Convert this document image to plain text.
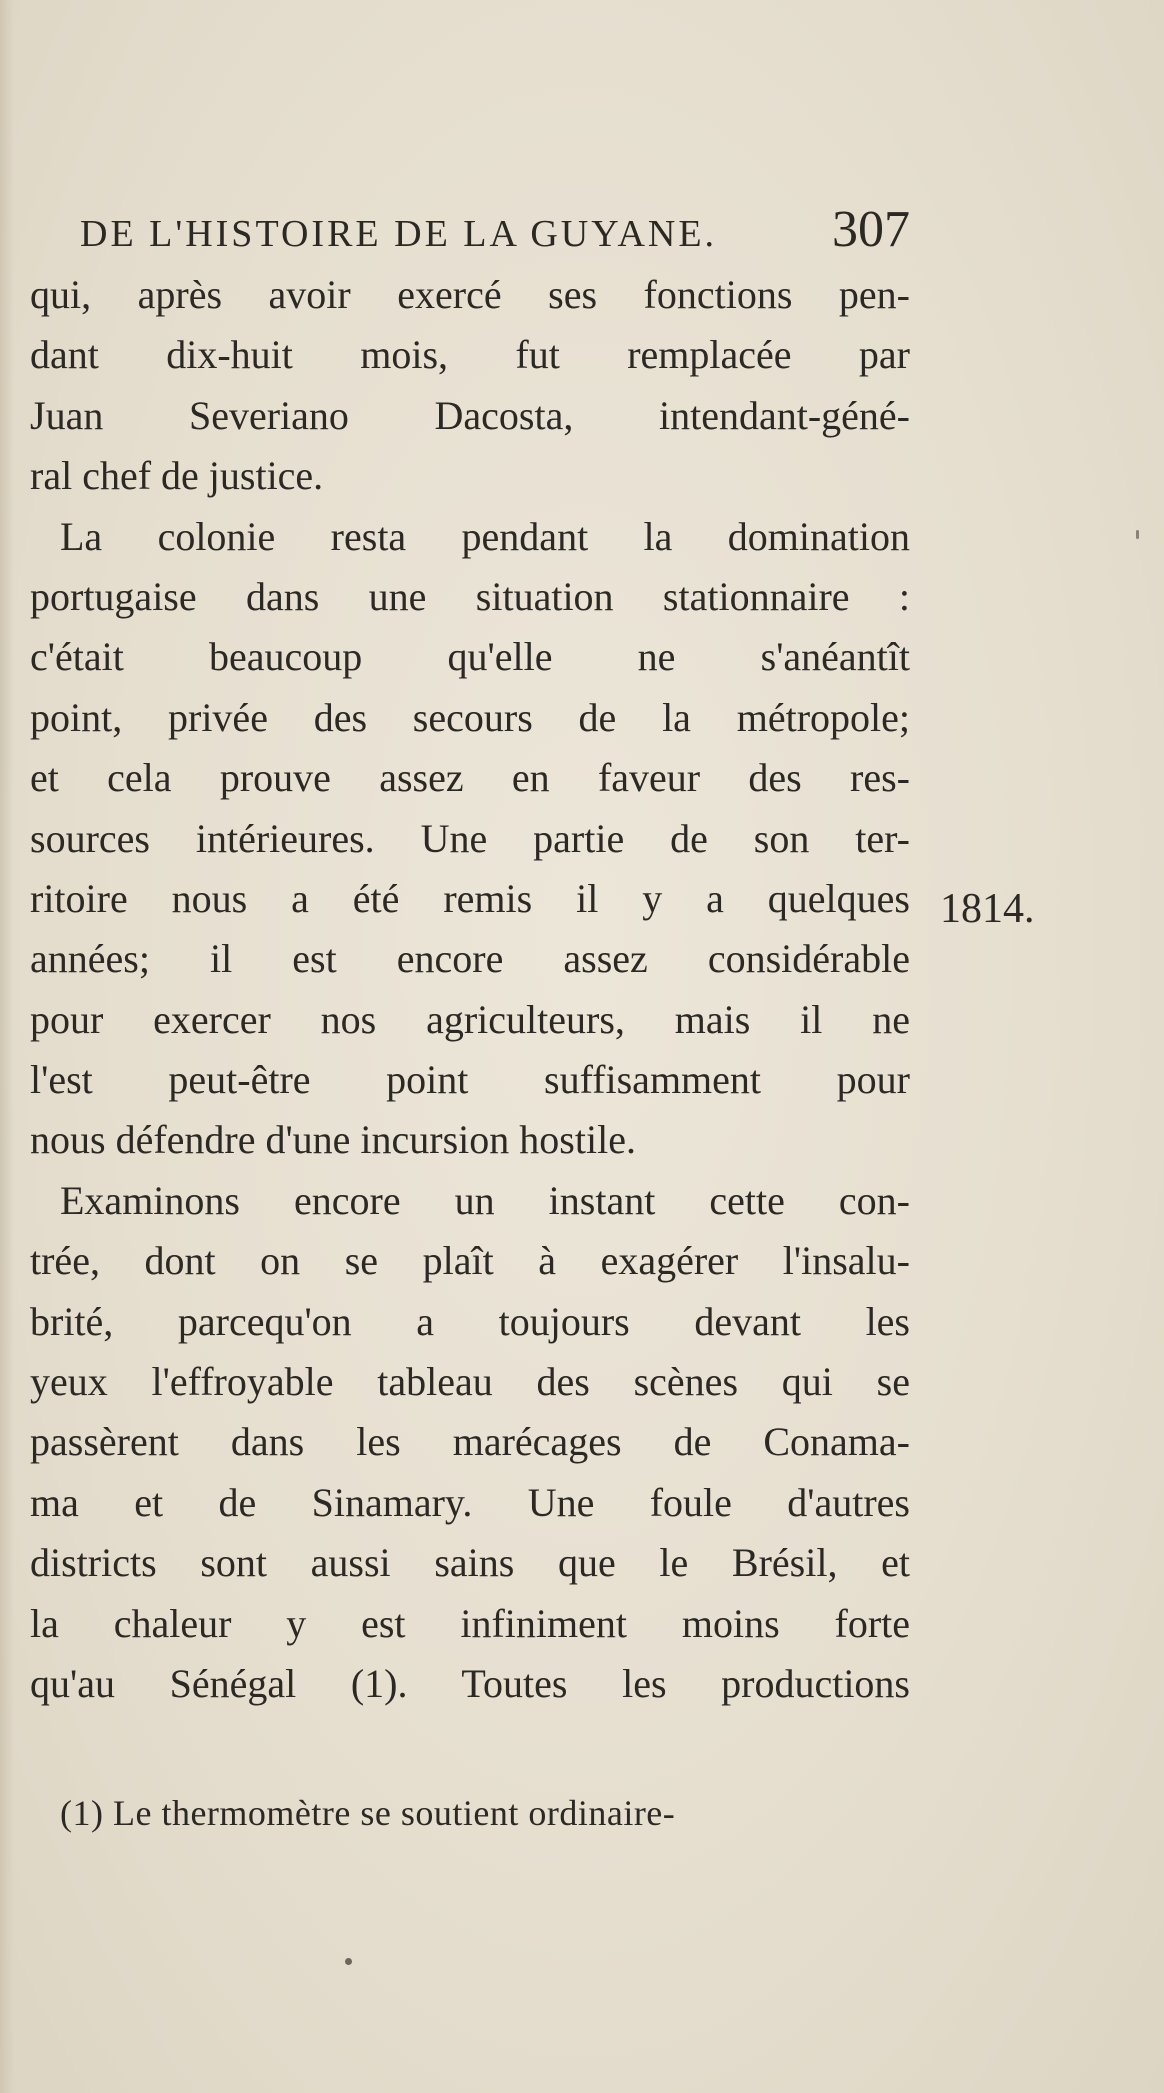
DE L'HISTOIRE DE LA GUYANE. 307
qui, après avoir exercé ses fonctions pen-
dant dix-huit mois, fut remplacée par
Juan Severiano Dacosta, intendant-géné-
ral chef de justice.
La colonie resta pendant la domination
portugaise dans une situation stationnaire :
c'était beaucoup qu'elle ne s'anéantît
point, privée des secours de la métropole;
et cela prouve assez en faveur des res-
sources intérieures. Une partie de son ter-
ritoire nous a été remis il y a quelques
années; il est encore assez considérable
pour exercer nos agriculteurs, mais il ne
l'est peut-être point suffisamment pour
nous défendre d'une incursion hostile.
Examinons encore un instant cette con-
trée, dont on se plaît à exagérer l'insalu-
brité, parcequ'on a toujours devant les
yeux l'effroyable tableau des scènes qui se
passèrent dans les marécages de Conama-
ma et de Sinamary. Une foule d'autres
districts sont aussi sains que le Brésil, et
la chaleur y est infiniment moins forte
qu'au Sénégal (1). Toutes les productions
1814.
(1) Le thermomètre se soutient ordinaire-
